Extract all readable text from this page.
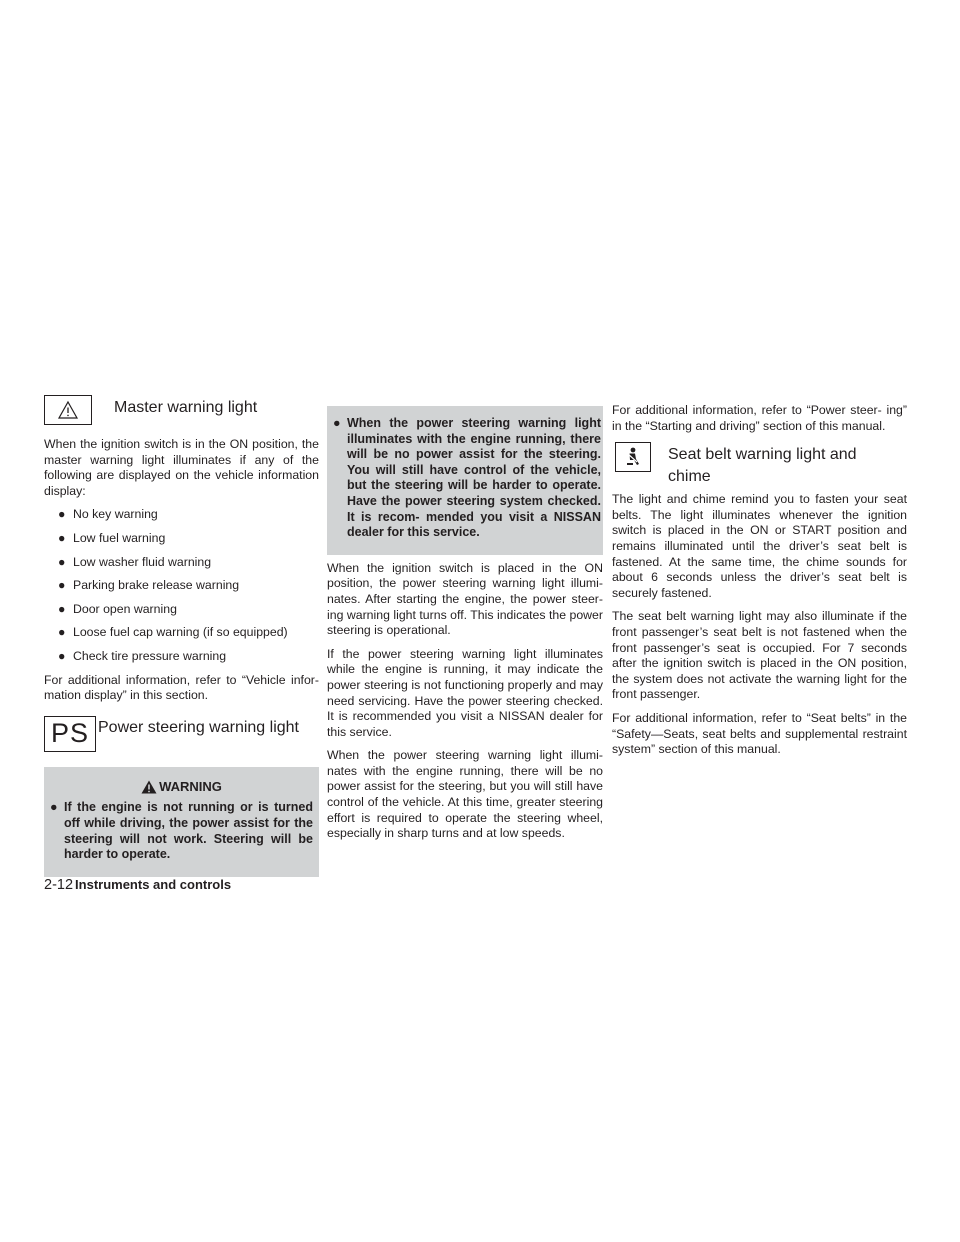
Master warning light

When the ignition switch is in the ON position, the master warning light illuminates if any of the following are displayed on the vehicle information display:

● No key warning
● Low fuel warning
● Low washer fluid warning
● Parking brake release warning
● Door open warning
● Loose fuel cap warning (if so equipped)
● Check tire pressure warning

For additional information, refer to “Vehicle infor- mation display” in this section.

PS Power steering warning light
WARNING
● If the engine is not running or is turned off while driving, the power assist for the steering will not work. Steering will be harder to operate.
● When the power steering warning light illuminates with the engine running, there will be no power assist for the steering. You will still have control of the vehicle, but the steering will be harder to operate. Have the power steering system checked. It is recom- mended you visit a NISSAN dealer for this service.

When the ignition switch is placed in the ON position, the power steering warning light illumi- nates. After starting the engine, the power steer- ing warning light turns off. This indicates the power steering is operational.

If the power steering warning light illuminates while the engine is running, it may indicate the power steering is not functioning properly and may need servicing. Have the power steering checked. It is recommended you visit a NISSAN dealer for this service.

When the power steering warning light illumi- nates with the engine running, there will be no power assist for the steering, but you will still have control of the vehicle. At this time, greater steering effort is required to operate the steering wheel, especially in sharp turns and at low speeds.

For additional information, refer to “Power steer- ing” in the “Starting and driving” section of this manual.

Seat belt warning light and
chime

The light and chime remind you to fasten your seat belts. The light illuminates whenever the ignition switch is placed in the ON or START position and remains illuminated until the driver’s seat belt is fastened. At the same time, the chime sounds for about 6 seconds unless the driver’s seat belt is securely fastened.

The seat belt warning light may also illuminate if the front passenger’s seat belt is not fastened when the front passenger’s seat is occupied. For 7 seconds after the ignition switch is placed in the ON position, the system does not activate the warning light for the front passenger.

For additional information, refer to “Seat belts” in the “Safety—Seats, seat belts and supplemental restraint system” section of this manual.

2-12 Instruments and controls
